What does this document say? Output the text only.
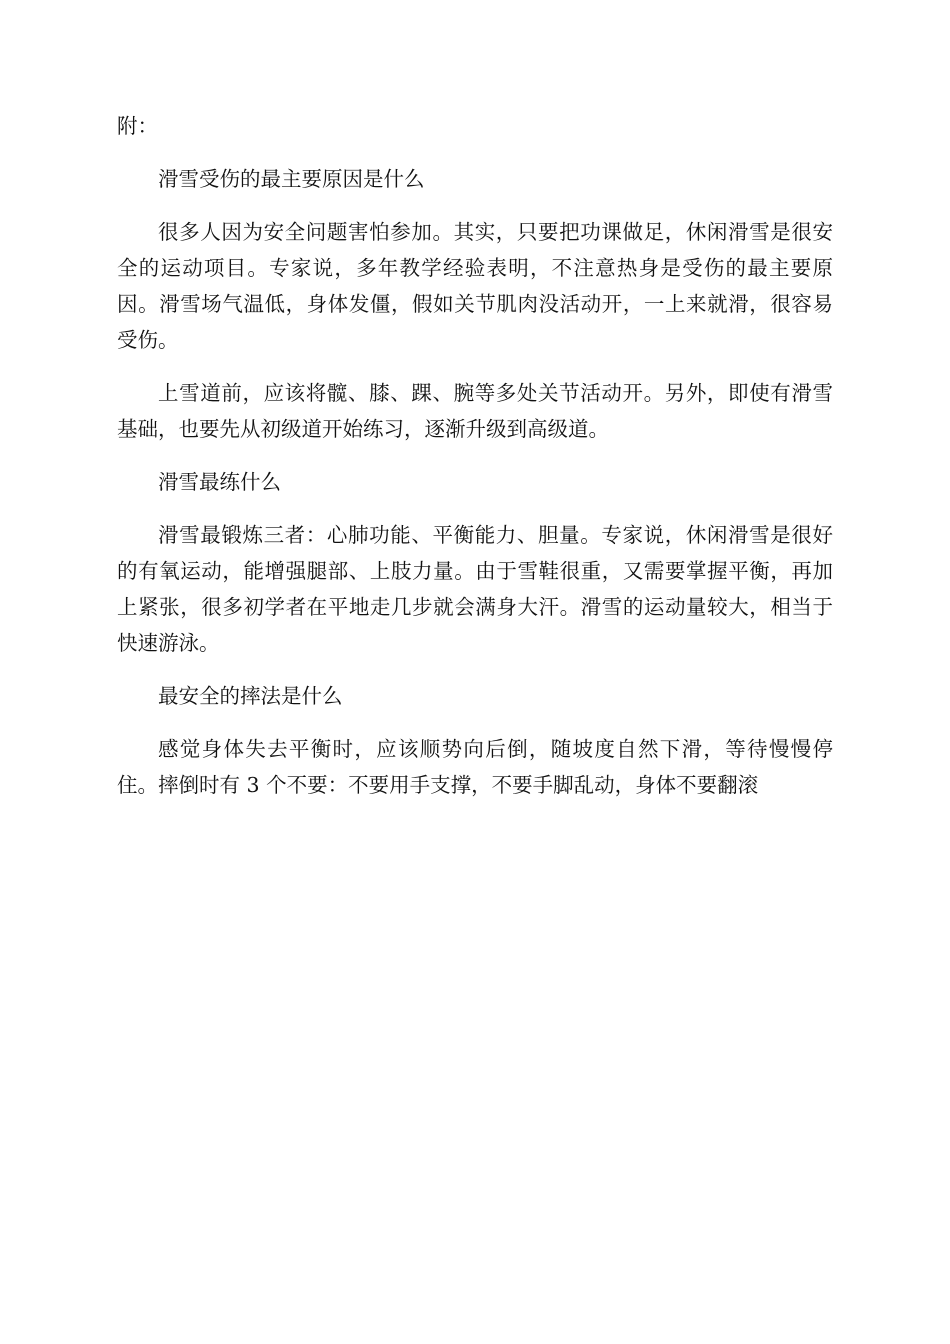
附：

滑雪受伤的最主要原因是什么

很多人因为安全问题害怕参加。其实，只要把功课做足，休闲滑雪是很安全的运动项目。专家说，多年教学经验表明，不注意热身是受伤的最主要原因。滑雪场气温低，身体发僵，假如关节肌肉没活动开，一上来就滑，很容易受伤。

上雪道前，应该将髋、膝、踝、腕等多处关节活动开。另外，即使有滑雪基础，也要先从初级道开始练习，逐渐升级到高级道。

滑雪最练什么

滑雪最锻炼三者：心肺功能、平衡能力、胆量。专家说，休闲滑雪是很好的有氧运动，能增强腿部、上肢力量。由于雪鞋很重，又需要掌握平衡，再加上紧张，很多初学者在平地走几步就会满身大汗。滑雪的运动量较大，相当于快速游泳。

最安全的摔法是什么

感觉身体失去平衡时，应该顺势向后倒，随坡度自然下滑，等待慢慢停住。摔倒时有 3 个不要：不要用手支撑，不要手脚乱动，身体不要翻滚
